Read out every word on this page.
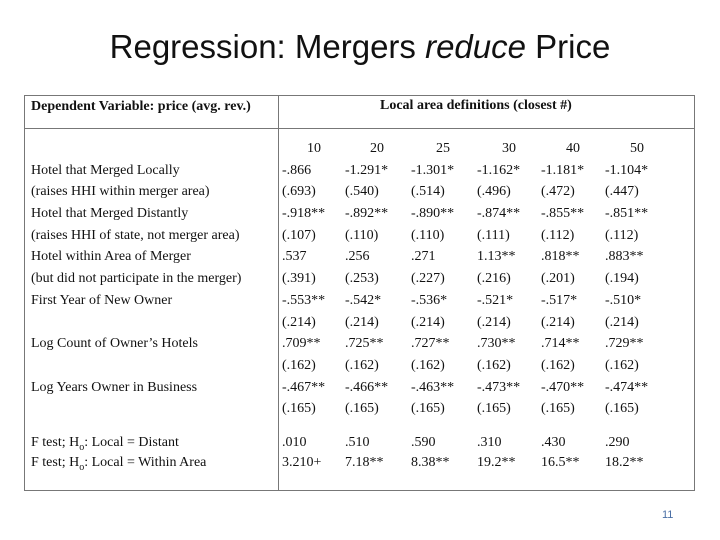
Regression: Mergers reduce Price
Dependent Variable: price (avg. rev.)	Local area definitions (closest #)
Hotel that Merged Locally
(raises HHI within merger area)
Hotel that Merged Distantly
(raises HHI of state, not merger area)
Hotel within Area of Merger
(but did not participate in the merger)
First Year of New Owner
Log Count of Owner’s Hotels
Log Years Owner in Business
F test; $H_o$: Local = Distant
F test; $H_o$: Local = Within Area
10
-.866
(.693)
-.918**
(.107)
.537
(.391)
-.553**
(.214)
.709**
(.162)
-.467**
(.165)
.010
3.210+
20
-1.291*
(.540)
-.892**
(.110)
.256
(.253)
-.542*
(.214)
.725**
(.162)
-.466**
(.165)
.510
7.18**
25
-1.301*
(.514)
-.890**
(.110)
.271
(.227)
-.536*
(.214)
.727**
(.162)
-.463**
(.165)
.590
8.38**
30
-1.162*
(.496)
-.874**
(.111)
1.13**
(.216)
-.521*
(.214)
.730**
(.162)
-.473**
(.165)
.310
19.2**
40
-1.181*
(.472)
-.855**
(.112)
.818**
(.201)
-.517*
(.214)
.714**
(.162)
-.470**
(.165)
.430
16.5**
50
-1.104*
(.447)
-.851**
(.112)
.883**
(.194)
-.510*
(.214)
.729**
(.162)
-.474**
(.165)
.290
18.2**
11
